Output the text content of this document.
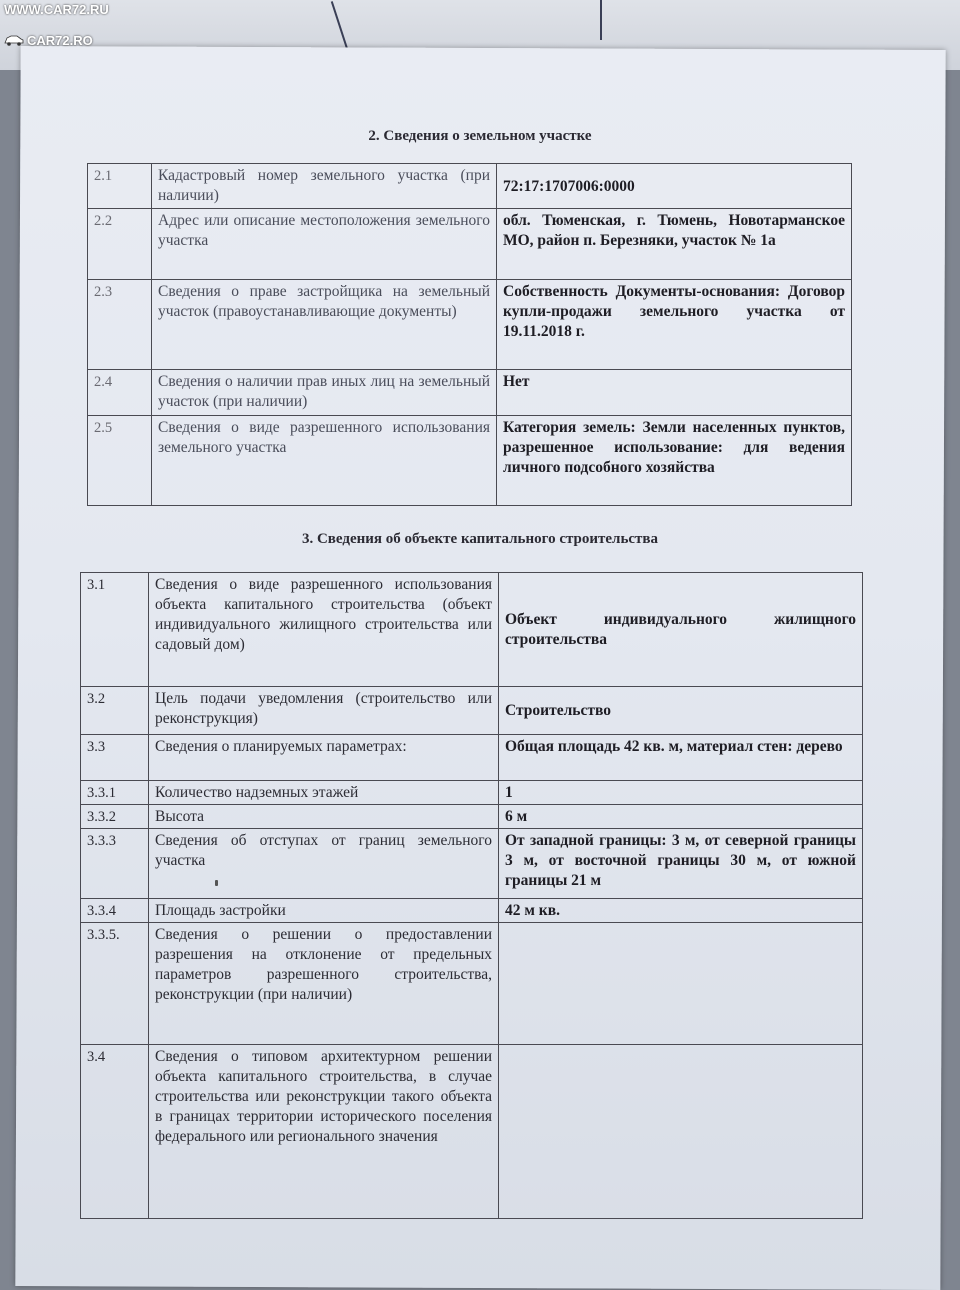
WWW.CAR72.RU
CAR72.RO
2. Сведения о земельном участке
2.1	Кадастровый номер земельного участка (при наличии)	72:17:1707006:0000
2.2	Адрес или описание местоположения земельного участка	обл. Тюменская, г. Тюмень, Новотарманское МО, район п. Березняки, участок № 1а
2.3	Сведения о праве застройщика на земельный участок (правоустанавливающие документы)	Собственность Документы-основания: Договор купли-продажи земельного участка от 19.11.2018 г.
2.4	Сведения о наличии прав иных лиц на земельный участок (при наличии)	Нет
2.5	Сведения о виде разрешенного использования земельного участка	Категория земель: Земли населенных пунктов, разрешенное использование: для ведения личного подсобного хозяйства
3. Сведения об объекте капитального строительства
3.1	Сведения о виде разрешенного использования объекта капитального строительства (объект индивидуального жилищного строительства или садовый дом)	Объект индивидуального жилищного строительства
3.2	Цель подачи уведомления (строительство или реконструкция)	Строительство
3.3	Сведения о планируемых параметрах:	Общая площадь 42 кв. м, материал стен: дерево
3.3.1	Количество надземных этажей	1
3.3.2	Высота	6 м
3.3.3	Сведения об отступах от границ земельного участка	От западной границы: 3 м, от северной границы 3 м, от восточной границы 30 м, от южной границы 21 м
3.3.4	Площадь застройки	42 м кв.
3.3.5.	Сведения о решении о предоставлении разрешения на отклонение от предельных параметров разрешенного строительства, реконструкции (при наличии)	
3.4	Сведения о типовом архитектурном решении объекта капитального строительства, в случае строительства или реконструкции такого объекта в границах территории исторического поселения федерального или регионального значения	
